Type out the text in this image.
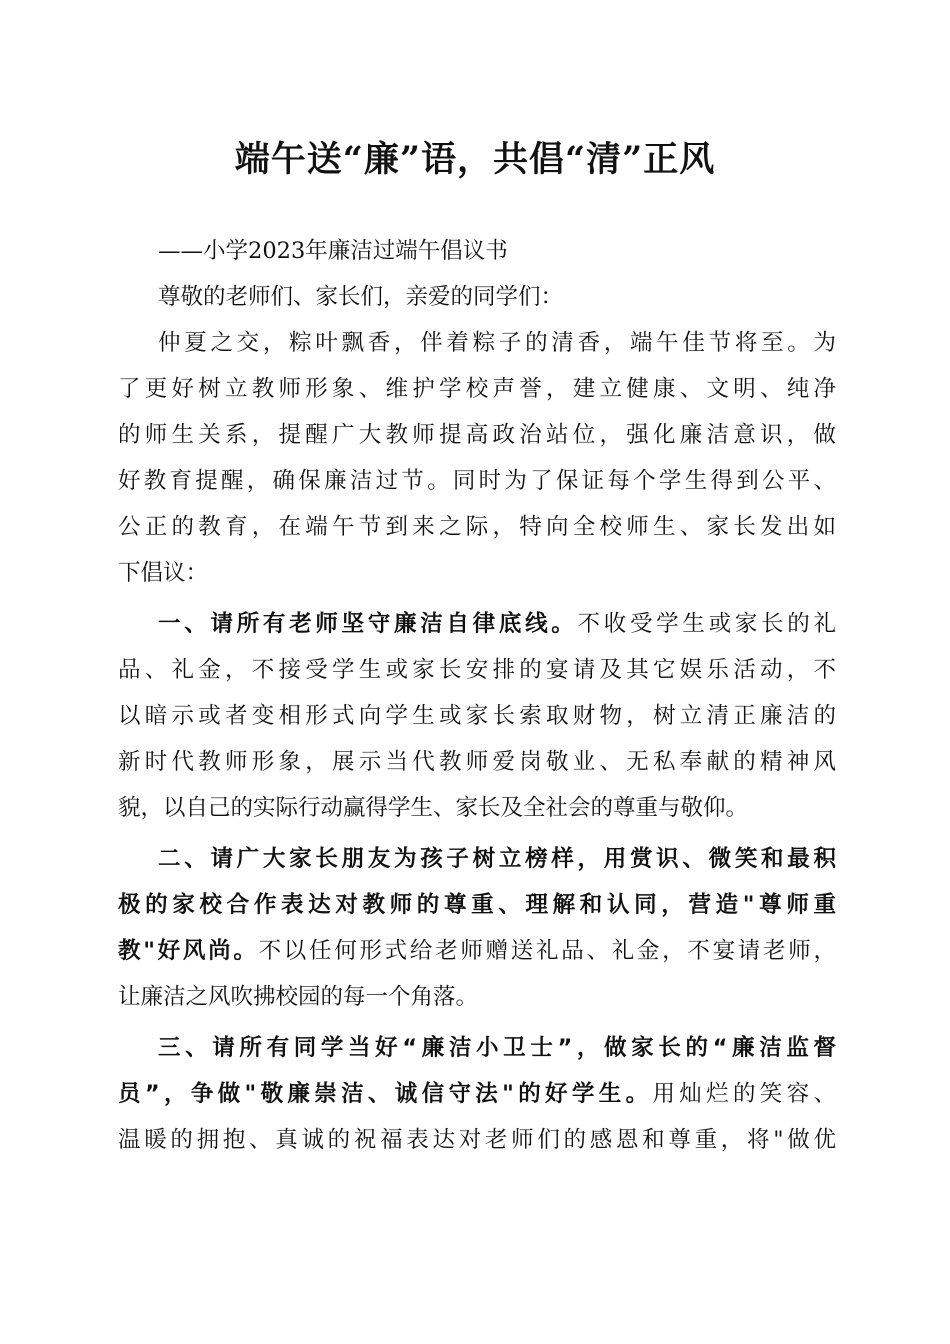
端午送“廉”语，共倡“清”正风
——小学2023年廉洁过端午倡议书
尊敬的老师们、家长们，亲爱的同学们：
仲夏之交，粽叶飘香，伴着粽子的清香，端午佳节将至。为
了更好树立教师形象、维护学校声誉，建立健康、文明、纯净
的师生关系，提醒广大教师提高政治站位，强化廉洁意识，做
好教育提醒，确保廉洁过节。同时为了保证每个学生得到公平、
公正的教育，在端午节到来之际，特向全校师生、家长发出如
下倡议：
一、请所有老师坚守廉洁自律底线。不收受学生或家长的礼
品、礼金，不接受学生或家长安排的宴请及其它娱乐活动，不
以暗示或者变相形式向学生或家长索取财物，树立清正廉洁的
新时代教师形象，展示当代教师爱岗敬业、无私奉献的精神风
貌，以自己的实际行动赢得学生、家长及全社会的尊重与敬仰。
二、请广大家长朋友为孩子树立榜样，用赏识、微笑和最积
极的家校合作表达对教师的尊重、理解和认同，营造"尊师重
教"好风尚。不以任何形式给老师赠送礼品、礼金，不宴请老师，
让廉洁之风吹拂校园的每一个角落。
三、请所有同学当好“廉洁小卫士”，做家长的“廉洁监督
员”，争做"敬廉崇洁、诚信守法"的好学生。用灿烂的笑容、
温暖的拥抱、真诚的祝福表达对老师们的感恩和尊重，将"做优
